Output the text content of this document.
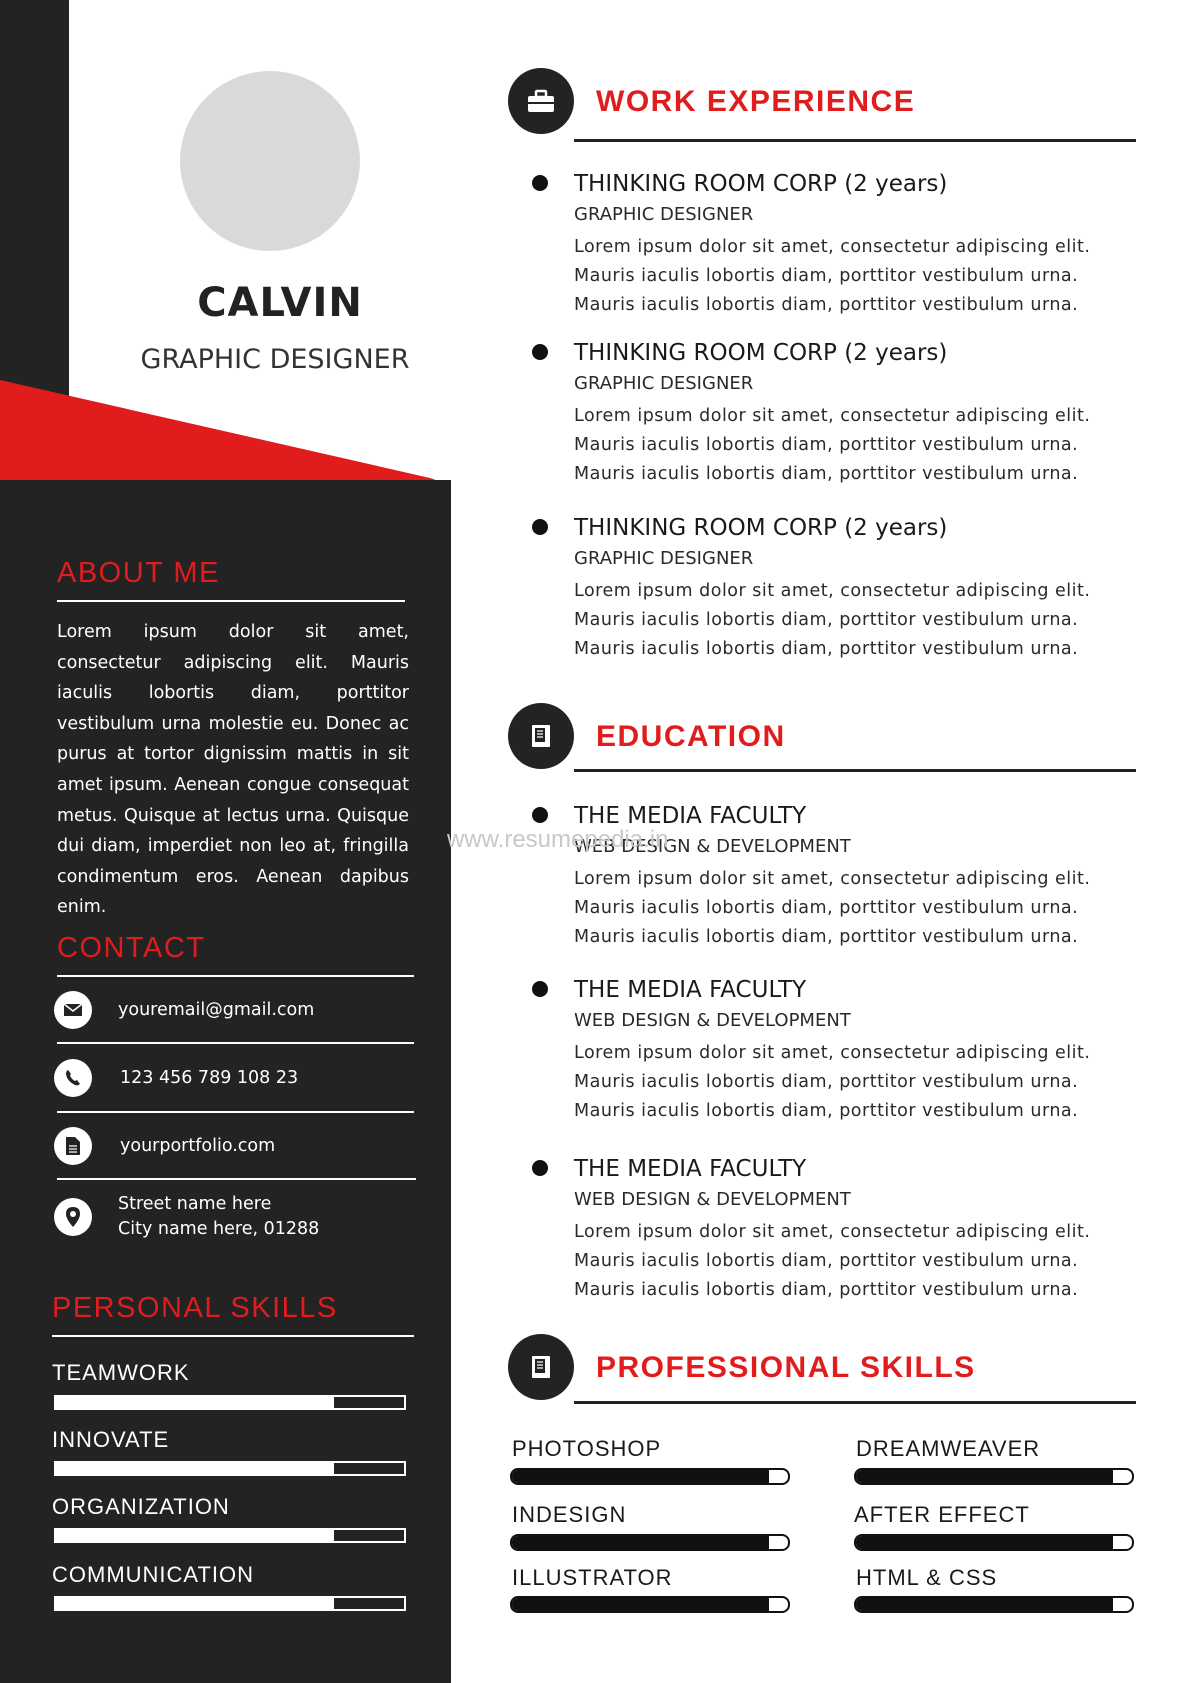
CALVIN
GRAPHIC DESIGNER
ABOUT ME
Lorem ipsum dolor sit amet, consectetur adipiscing elit. Mauris iaculis lobortis diam, porttitor vestibulum urna molestie eu. Donec ac purus at tortor dignissim mattis in sit amet ipsum. Aenean congue consequat metus. Quisque at lectus urna. Quisque dui diam, imperdiet non leo at, fringilla condimentum eros. Aenean dapibus enim.
CONTACT
youremail@gmail.com
123 456 789 108 23
yourportfolio.com
Street name here
City name here, 01288
PERSONAL SKILLS
TEAMWORK
INNOVATE
ORGANIZATION
COMMUNICATION
WORK EXPERIENCE
THINKING ROOM CORP (2 years)
GRAPHIC DESIGNER
Lorem ipsum dolor sit amet, consectetur adipiscing elit.
Mauris iaculis lobortis diam, porttitor vestibulum urna.
Mauris iaculis lobortis diam, porttitor vestibulum urna.
THINKING ROOM CORP (2 years)
GRAPHIC DESIGNER
Lorem ipsum dolor sit amet, consectetur adipiscing elit.
Mauris iaculis lobortis diam, porttitor vestibulum urna.
Mauris iaculis lobortis diam, porttitor vestibulum urna.
THINKING ROOM CORP (2 years)
GRAPHIC DESIGNER
Lorem ipsum dolor sit amet, consectetur adipiscing elit.
Mauris iaculis lobortis diam, porttitor vestibulum urna.
Mauris iaculis lobortis diam, porttitor vestibulum urna.
EDUCATION
THE MEDIA FACULTY
WEB DESIGN & DEVELOPMENT
Lorem ipsum dolor sit amet, consectetur adipiscing elit.
Mauris iaculis lobortis diam, porttitor vestibulum urna.
Mauris iaculis lobortis diam, porttitor vestibulum urna.
THE MEDIA FACULTY
WEB DESIGN & DEVELOPMENT
Lorem ipsum dolor sit amet, consectetur adipiscing elit.
Mauris iaculis lobortis diam, porttitor vestibulum urna.
Mauris iaculis lobortis diam, porttitor vestibulum urna.
THE MEDIA FACULTY
WEB DESIGN & DEVELOPMENT
Lorem ipsum dolor sit amet, consectetur adipiscing elit.
Mauris iaculis lobortis diam, porttitor vestibulum urna.
Mauris iaculis lobortis diam, porttitor vestibulum urna.
www.resumepedia.in
PROFESSIONAL SKILLS
PHOTOSHOP	DREAMWEAVER
INDESIGN	AFTER EFFECT
ILLUSTRATOR	HTML & CSS
